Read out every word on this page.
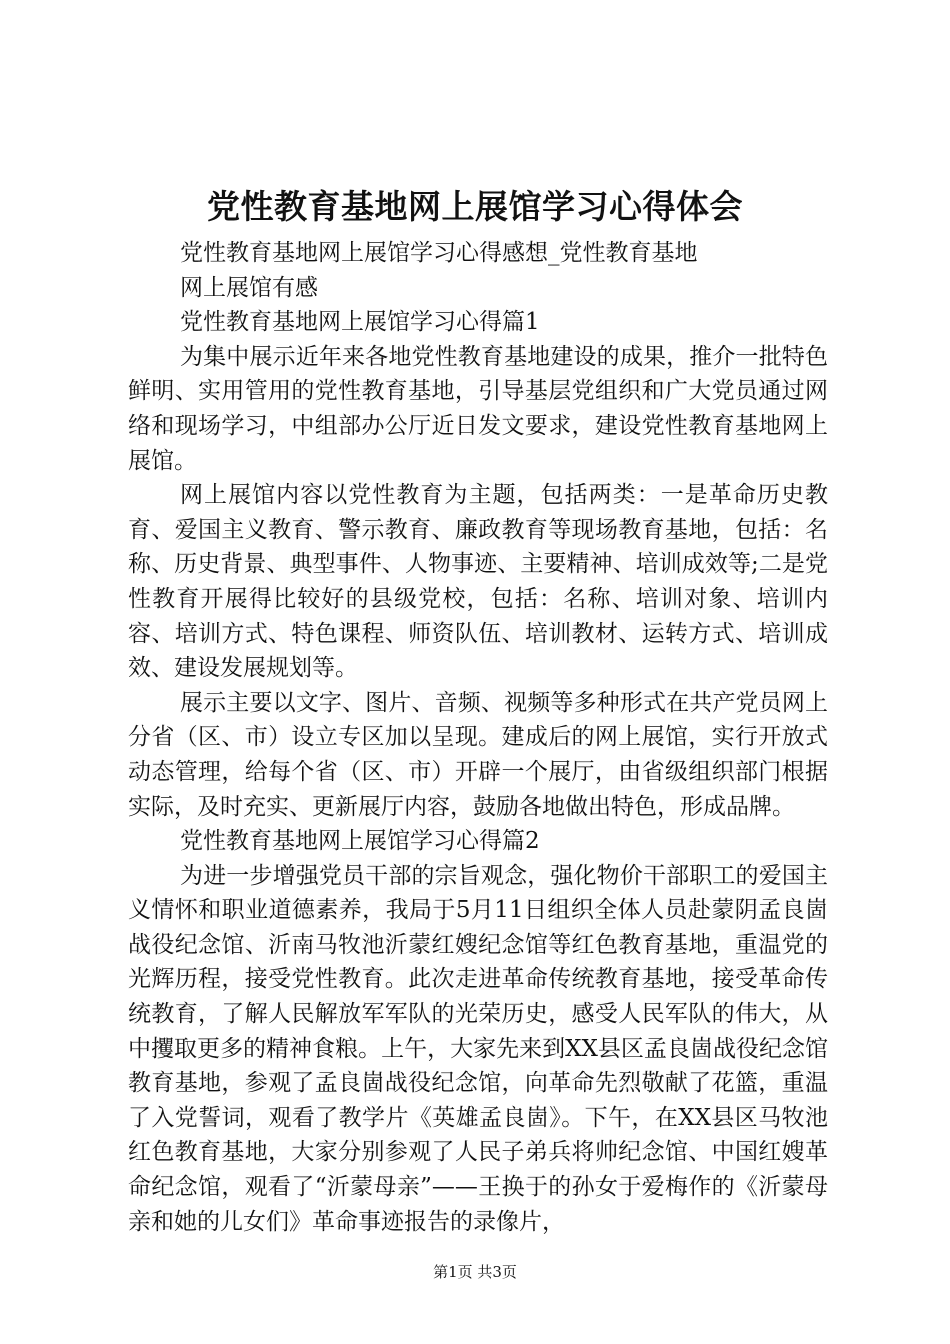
党性教育基地网上展馆学习心得体会

党性教育基地网上展馆学习心得感想_党性教育基地网上展馆有感

党性教育基地网上展馆学习心得篇1

为集中展示近年来各地党性教育基地建设的成果，推介一批特色鲜明、实用管用的党性教育基地，引导基层党组织和广大党员通过网络和现场学习，中组部办公厅近日发文要求，建设党性教育基地网上展馆。

网上展馆内容以党性教育为主题，包括两类：一是革命历史教育、爱国主义教育、警示教育、廉政教育等现场教育基地，包括：名称、历史背景、典型事件、人物事迹、主要精神、培训成效等;二是党性教育开展得比较好的县级党校，包括：名称、培训对象、培训内容、培训方式、特色课程、师资队伍、培训教材、运转方式、培训成效、建设发展规划等。

展示主要以文字、图片、音频、视频等多种形式在共产党员网上分省（区、市）设立专区加以呈现。建成后的网上展馆，实行开放式动态管理，给每个省（区、市）开辟一个展厅，由省级组织部门根据实际，及时充实、更新展厅内容，鼓励各地做出特色，形成品牌。

党性教育基地网上展馆学习心得篇2

为进一步增强党员干部的宗旨观念，强化物价干部职工的爱国主义情怀和职业道德素养，我局于5月11日组织全体人员赴蒙阴孟良崮战役纪念馆、沂南马牧池沂蒙红嫂纪念馆等红色教育基地，重温党的光辉历程，接受党性教育。此次走进革命传统教育基地，接受革命传统教育，了解人民解放军军队的光荣历史，感受人民军队的伟大，从中攫取更多的精神食粮。上午，大家先来到XX县区孟良崮战役纪念馆教育基地，参观了孟良崮战役纪念馆，向革命先烈敬献了花篮，重温了入党誓词，观看了教学片《英雄孟良崮》。下午，在XX县区马牧池红色教育基地，大家分别参观了人民子弟兵将帅纪念馆、中国红嫂革命纪念馆，观看了“沂蒙母亲”——王换于的孙女于爱梅作的《沂蒙母亲和她的儿女们》革命事迹报告的录像片，

第1页 共3页
